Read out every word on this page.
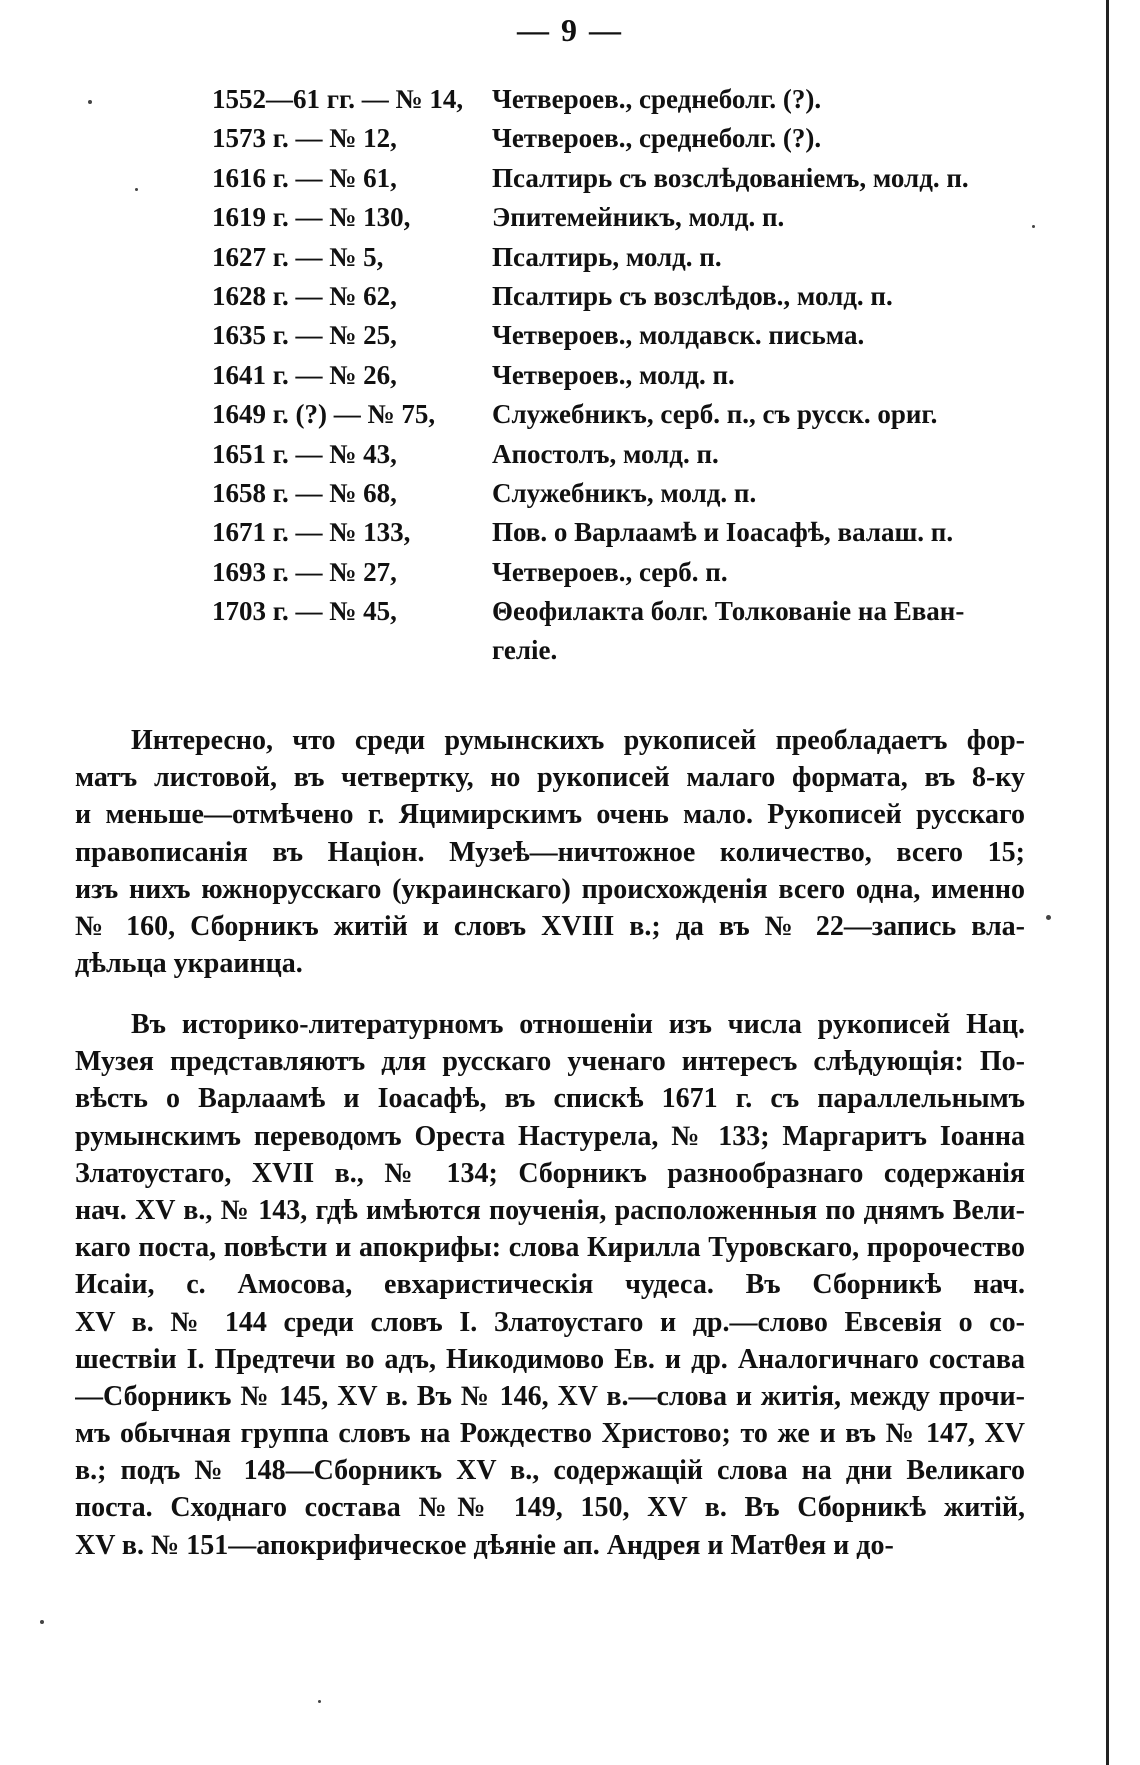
— 9 —
1552—61 гг. — № 14,	Четвероев., среднеболг. (?).
1573 г. — № 12,	Четвероев., среднеболг. (?).
1616 г. — № 61,	Псалтирь съ возслѣдованіемъ, молд. п.
1619 г. — № 130,	Эпитемейникъ, молд. п.
1627 г. — № 5,	Псалтирь, молд. п.
1628 г. — № 62,	Псалтирь съ возслѣдов., молд. п.
1635 г. — № 25,	Четвероев., молдавск. письма.
1641 г. — № 26,	Четвероев., молд. п.
1649 г. (?) — № 75,	Служебникъ, серб. п., съ русск. ориг.
1651 г. — № 43,	Апостолъ, молд. п.
1658 г. — № 68,	Служебникъ, молд. п.
1671 г. — № 133,	Пов. о Варлаамѣ и Іоасафѣ, валаш. п.
1693 г. — № 27,	Четвероев., серб. п.
1703 г. — № 45,	Θеофилакта болг. Толкованіе на Еван-
геліе.
Интересно, что среди румынскихъ рукописей преобладаетъ фор-
матъ листовой, въ четвертку, но рукописей малаго формата, въ 8-ку
и меньше—отмѣчено г. Яцимирскимъ очень мало. Рукописей русскаго
правописанія въ Націон. Музеѣ—ничтожное количество, всего 15;
изъ нихъ южнорусскаго (украинскаго) происхожденія всего одна, именно
№ 160, Сборникъ житій и словъ XVIII в.; да въ № 22—запись вла-
дѣльца украинца.
Въ историко-литературномъ отношеніи изъ числа рукописей Нац.
Музея представляютъ для русскаго ученаго интересъ слѣдующія: По-
вѣсть о Варлаамѣ и Іоасафѣ, въ спискѣ 1671 г. съ параллельнымъ
румынскимъ переводомъ Ореста Настурела, № 133; Маргаритъ Іоанна
Златоустаго, XVII в., № 134; Сборникъ разнообразнаго содержанія
нач. XV в., № 143, гдѣ имѣются поученія, расположенныя по днямъ Вели-
каго поста, повѣсти и апокрифы: слова Кирилла Туровскаго, пророчество
Исаіи, с. Амосова, евхаристическія чудеса. Въ Сборникѣ нач.
XV в. № 144 среди словъ І. Златоустаго и др.—слово Евсевія о со-
шествіи І. Предтечи во адъ, Никодимово Ев. и др. Аналогичнаго состава
—Сборникъ № 145, XV в. Въ № 146, XV в.—слова и житія, между прочи-
мъ обычная группа словъ на Рождество Христово; то же и въ № 147, XV
в.; подъ № 148—Сборникъ XV в., содержащій слова на дни Великаго
поста. Сходнаго состава №№ 149, 150, XV в. Въ Сборникѣ житій,
XV в. № 151—апокрифическое дѣяніе ап. Андрея и Матθея и до-
